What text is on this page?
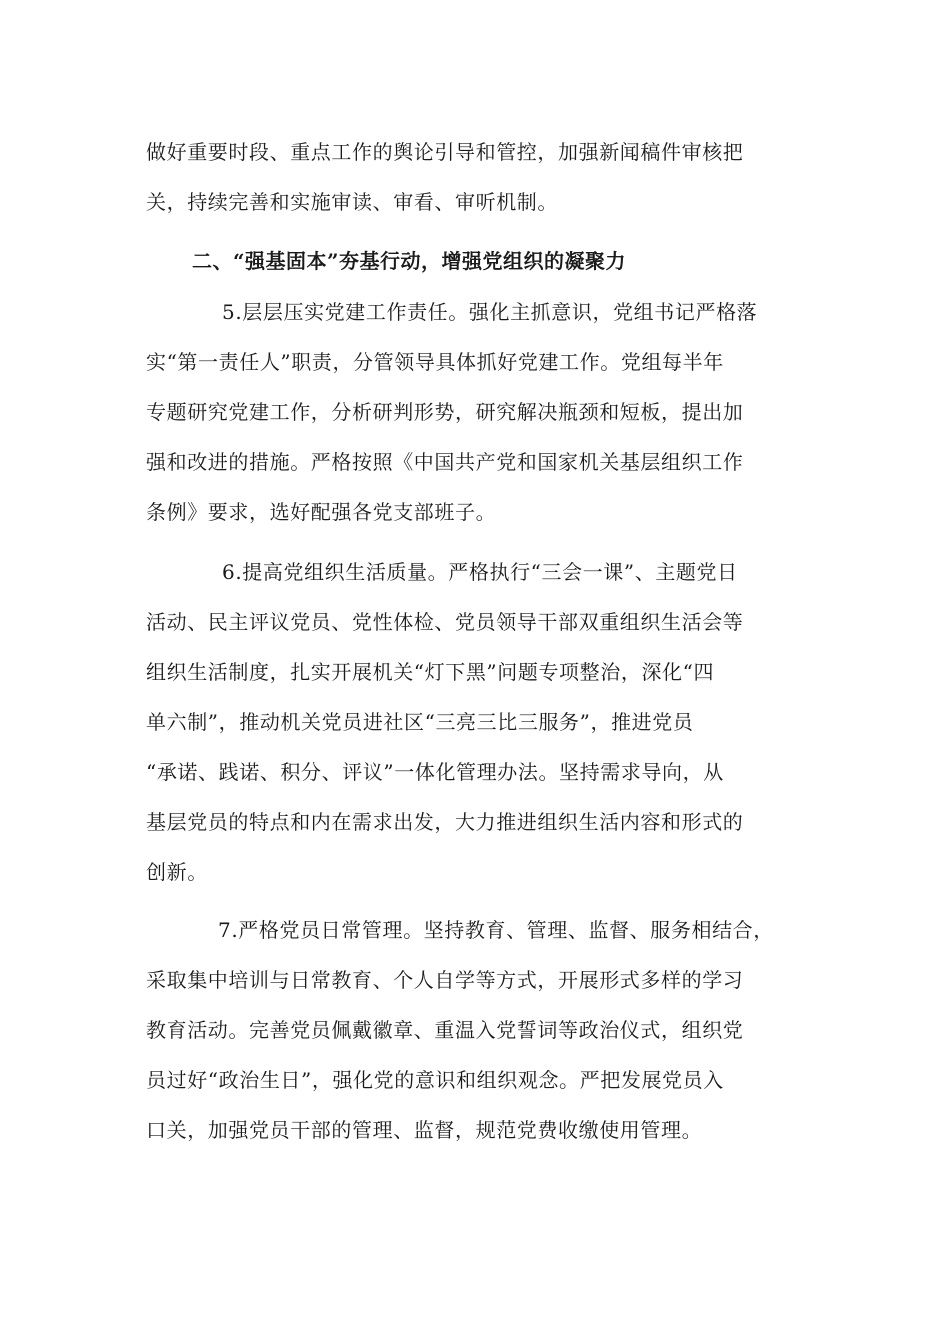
做好重要时段、重点工作的舆论引导和管控，加强新闻稿件审核把
关，持续完善和实施审读、审看、审听机制。
二、“强基固本”夯基行动，增强党组织的凝聚力
5.层层压实党建工作责任。强化主抓意识，党组书记严格落
实“第一责任人”职责，分管领导具体抓好党建工作。党组每半年
专题研究党建工作，分析研判形势，研究解决瓶颈和短板，提出加
强和改进的措施。严格按照《中国共产党和国家机关基层组织工作
条例》要求，选好配强各党支部班子。
6.提高党组织生活质量。严格执行“三会一课”、主题党日
活动、民主评议党员、党性体检、党员领导干部双重组织生活会等
组织生活制度，扎实开展机关“灯下黑”问题专项整治，深化“四
单六制”，推动机关党员进社区“三亮三比三服务”，推进党员
“承诺、践诺、积分、评议”一体化管理办法。坚持需求导向，从
基层党员的特点和内在需求出发，大力推进组织生活内容和形式的
创新。
7.严格党员日常管理。坚持教育、管理、监督、服务相结合，
采取集中培训与日常教育、个人自学等方式，开展形式多样的学习
教育活动。完善党员佩戴徽章、重温入党誓词等政治仪式，组织党
员过好“政治生日”，强化党的意识和组织观念。严把发展党员入
口关，加强党员干部的管理、监督，规范党费收缴使用管理。
